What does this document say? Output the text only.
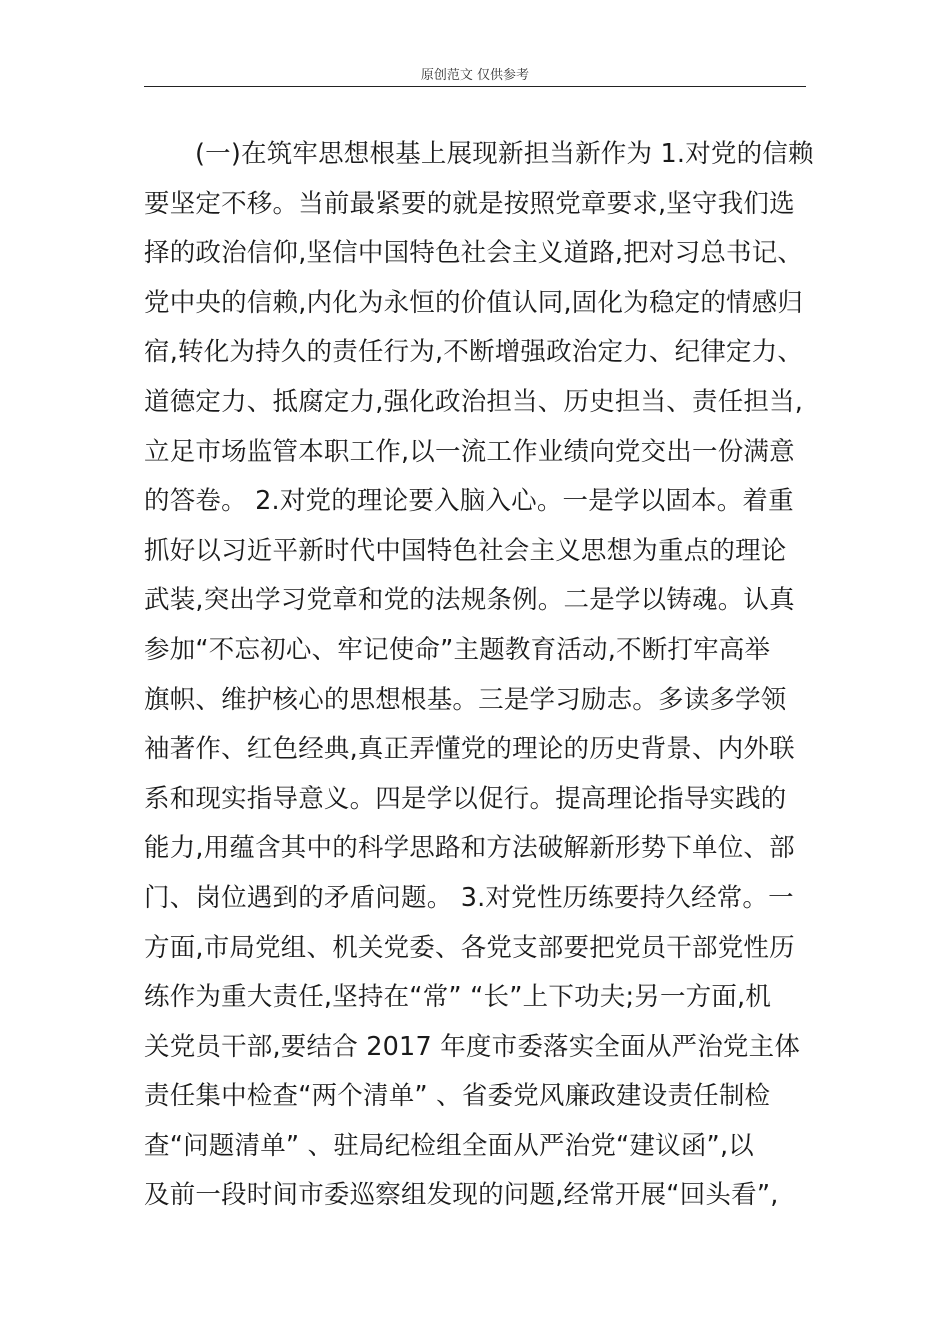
原创范文 仅供参考
(一)在筑牢思想根基上展现新担当新作为 1.对党的信赖
要坚定不移。当前最紧要的就是按照党章要求,坚守我们选
择的政治信仰,坚信中国特色社会主义道路,把对习总书记、
党中央的信赖,内化为永恒的价值认同,固化为稳定的情感归
宿,转化为持久的责任行为,不断增强政治定力、纪律定力、
道德定力、抵腐定力,强化政治担当、历史担当、责任担当,
立足市场监管本职工作,以一流工作业绩向党交出一份满意
的答卷。 2.对党的理论要入脑入心。一是学以固本。着重
抓好以习近平新时代中国特色社会主义思想为重点的理论
武装,突出学习党章和党的法规条例。二是学以铸魂。认真
参加“不忘初心、牢记使命”主题教育活动,不断打牢高举
旗帜、维护核心的思想根基。三是学习励志。多读多学领
袖著作、红色经典,真正弄懂党的理论的历史背景、内外联
系和现实指导意义。四是学以促行。提高理论指导实践的
能力,用蕴含其中的科学思路和方法破解新形势下单位、部
门、岗位遇到的矛盾问题。 3.对党性历练要持久经常。一
方面,市局党组、机关党委、各党支部要把党员干部党性历
练作为重大责任,坚持在“常” “长”上下功夫;另一方面,机
关党员干部,要结合 2017 年度市委落实全面从严治党主体
责任集中检查“两个清单” 、省委党风廉政建设责任制检
查“问题清单” 、驻局纪检组全面从严治党“建议函”,以
及前一段时间市委巡察组发现的问题,经常开展“回头看”,
